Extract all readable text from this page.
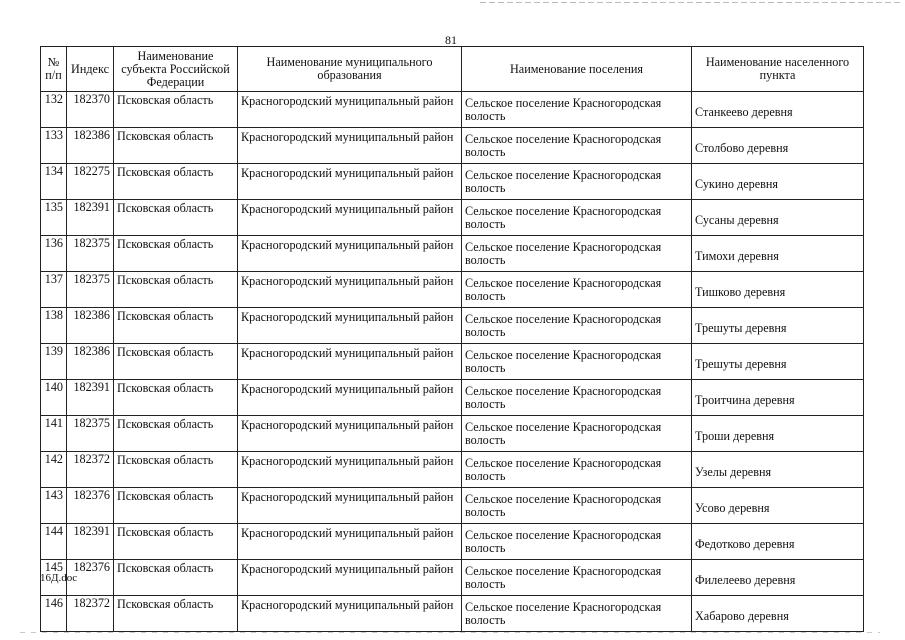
81
№ п/п	Индекс	Наименование субъекта Российской Федерации	Наименование муниципального образования	Наименование поселения	Наименование населенного пункта
132	182370	Псковская область	Красногородский муниципальный район	Сельское поселение Красногородская волость	Станкеево деревня
133	182386	Псковская область	Красногородский муниципальный район	Сельское поселение Красногородская волость	Столбово деревня
134	182275	Псковская область	Красногородский муниципальный район	Сельское поселение Красногородская волость	Сукино деревня
135	182391	Псковская область	Красногородский муниципальный район	Сельское поселение Красногородская волость	Сусаны деревня
136	182375	Псковская область	Красногородский муниципальный район	Сельское поселение Красногородская волость	Тимохи деревня
137	182375	Псковская область	Красногородский муниципальный район	Сельское поселение Красногородская волость	Тишково деревня
138	182386	Псковская область	Красногородский муниципальный район	Сельское поселение Красногородская волость	Трешуты деревня
139	182386	Псковская область	Красногородский муниципальный район	Сельское поселение Красногородская волость	Трешуты деревня
140	182391	Псковская область	Красногородский муниципальный район	Сельское поселение Красногородская волость	Троитчина деревня
141	182375	Псковская область	Красногородский муниципальный район	Сельское поселение Красногородская волость	Троши деревня
142	182372	Псковская область	Красногородский муниципальный район	Сельское поселение Красногородская волость	Узелы деревня
143	182376	Псковская область	Красногородский муниципальный район	Сельское поселение Красногородская волость	Усово деревня
144	182391	Псковская область	Красногородский муниципальный район	Сельское поселение Красногородская волость	Федотково деревня
145	182376	Псковская область	Красногородский муниципальный район	Сельское поселение Красногородская волость	Филелеево деревня
146	182372	Псковская область	Красногородский муниципальный район	Сельское поселение Красногородская волость	Хабарово деревня
16Д.doc
